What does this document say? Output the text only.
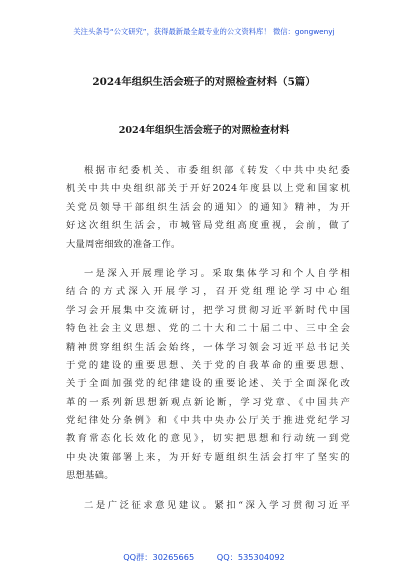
关注头条号“公文研究”，获得最新最全最专业的公文资料库！ 微信：gongwenyj
2024年组织生活会班子的对照检查材料（5篇）
2024年组织生活会班子的对照检查材料
根据市纪委机关、市委组织部《转发〈中共中央纪委
机关中共中央组织部关于开好2024年度县以上党和国家机
关党员领导干部组织生活会的通知〉的通知》精神，为开
好这次组织生活会，市城管局党组高度重视，会前，做了
大量周密细致的准备工作。
一是深入开展理论学习。采取集体学习和个人自学相
结合的方式深入开展学习，召开党组理论学习中心组
学习会开展集中交流研讨，把学习贯彻习近平新时代中国
特色社会主义思想、党的二十大和二十届二中、三中全会
精神贯穿组织生活会始终，一体学习领会习近平总书记关
于党的建设的重要思想、关于党的自我革命的重要思想、
关于全面加强党的纪律建设的重要论述、关于全面深化改
革的一系列新思想新观点新论断，学习党章、《中国共产
党纪律处分条例》和《中共中央办公厅关于推进党纪学习
教育常态化长效化的意见》，切实把思想和行动统一到党
中央决策部署上来，为开好专题组织生活会打牢了坚实的
思想基础。
二是广泛征求意见建议。紧扣“深入学习贯彻习近平
QQ群：30265665	QQ：535304092
